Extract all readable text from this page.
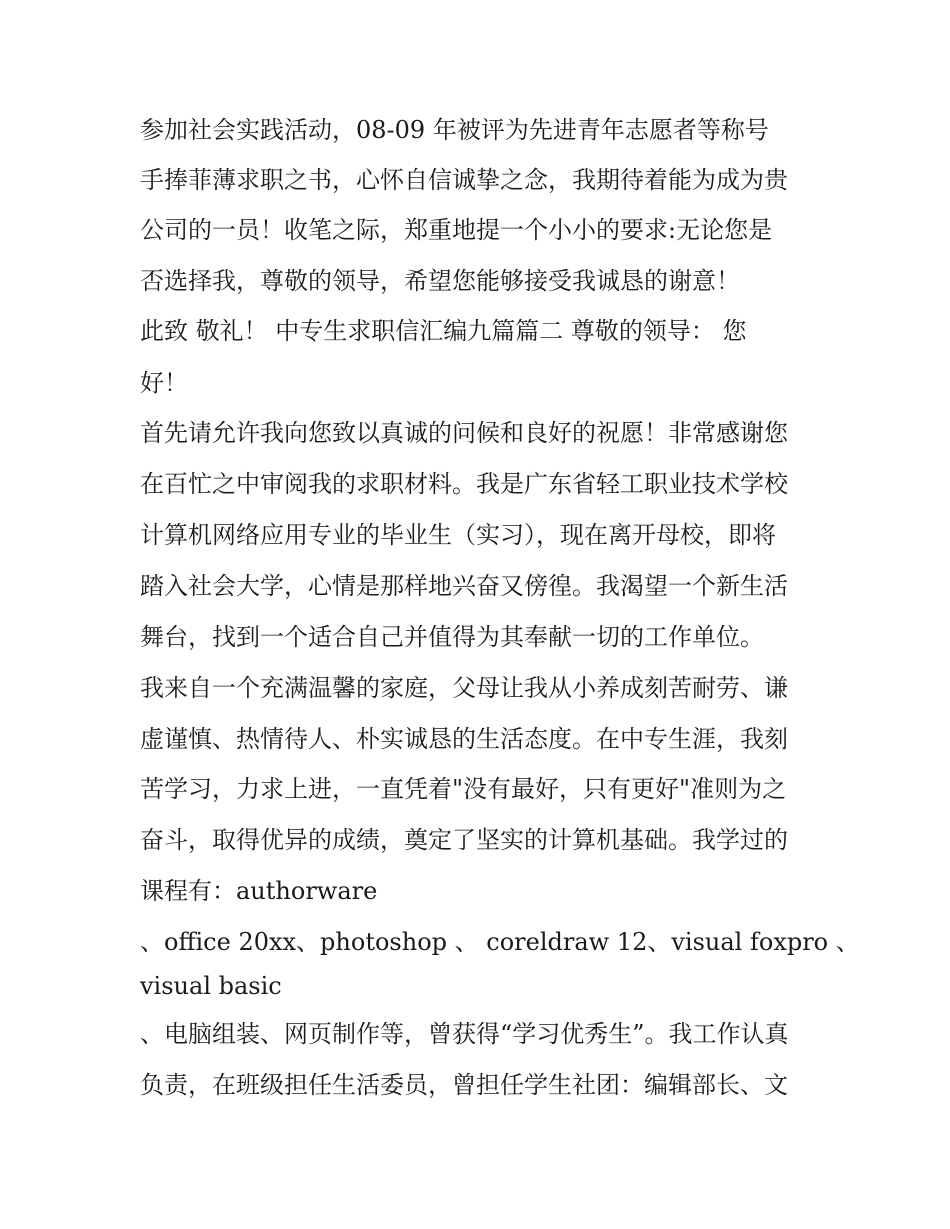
参加社会实践活动，08-09 年被评为先进青年志愿者等称号
手捧菲薄求职之书，心怀自信诚挚之念，我期待着能为成为贵
公司的一员！收笔之际，郑重地提一个小小的要求:无论您是
否选择我，尊敬的领导，希望您能够接受我诚恳的谢意！
此致 敬礼！ 中专生求职信汇编九篇篇二 尊敬的领导： 您
好！
首先请允许我向您致以真诚的问候和良好的祝愿！非常感谢您
在百忙之中审阅我的求职材料。我是广东省轻工职业技术学校
计算机网络应用专业的毕业生（实习），现在离开母校，即将
踏入社会大学，心情是那样地兴奋又傍徨。我渴望一个新生活
舞台，找到一个适合自己并值得为其奉献一切的工作单位。
我来自一个充满温馨的家庭，父母让我从小养成刻苦耐劳、谦
虚谨慎、热情待人、朴实诚恳的生活态度。在中专生涯，我刻
苦学习，力求上进，一直凭着"没有最好，只有更好"准则为之
奋斗，取得优异的成绩，奠定了坚实的计算机基础。我学过的
课程有：authorware
、office 20xx、photoshop 、 coreldraw 12、visual foxpro 、
visual basic
、电脑组装、网页制作等，曾获得“学习优秀生”。我工作认真
负责，在班级担任生活委员，曾担任学生社团：编辑部长、文
